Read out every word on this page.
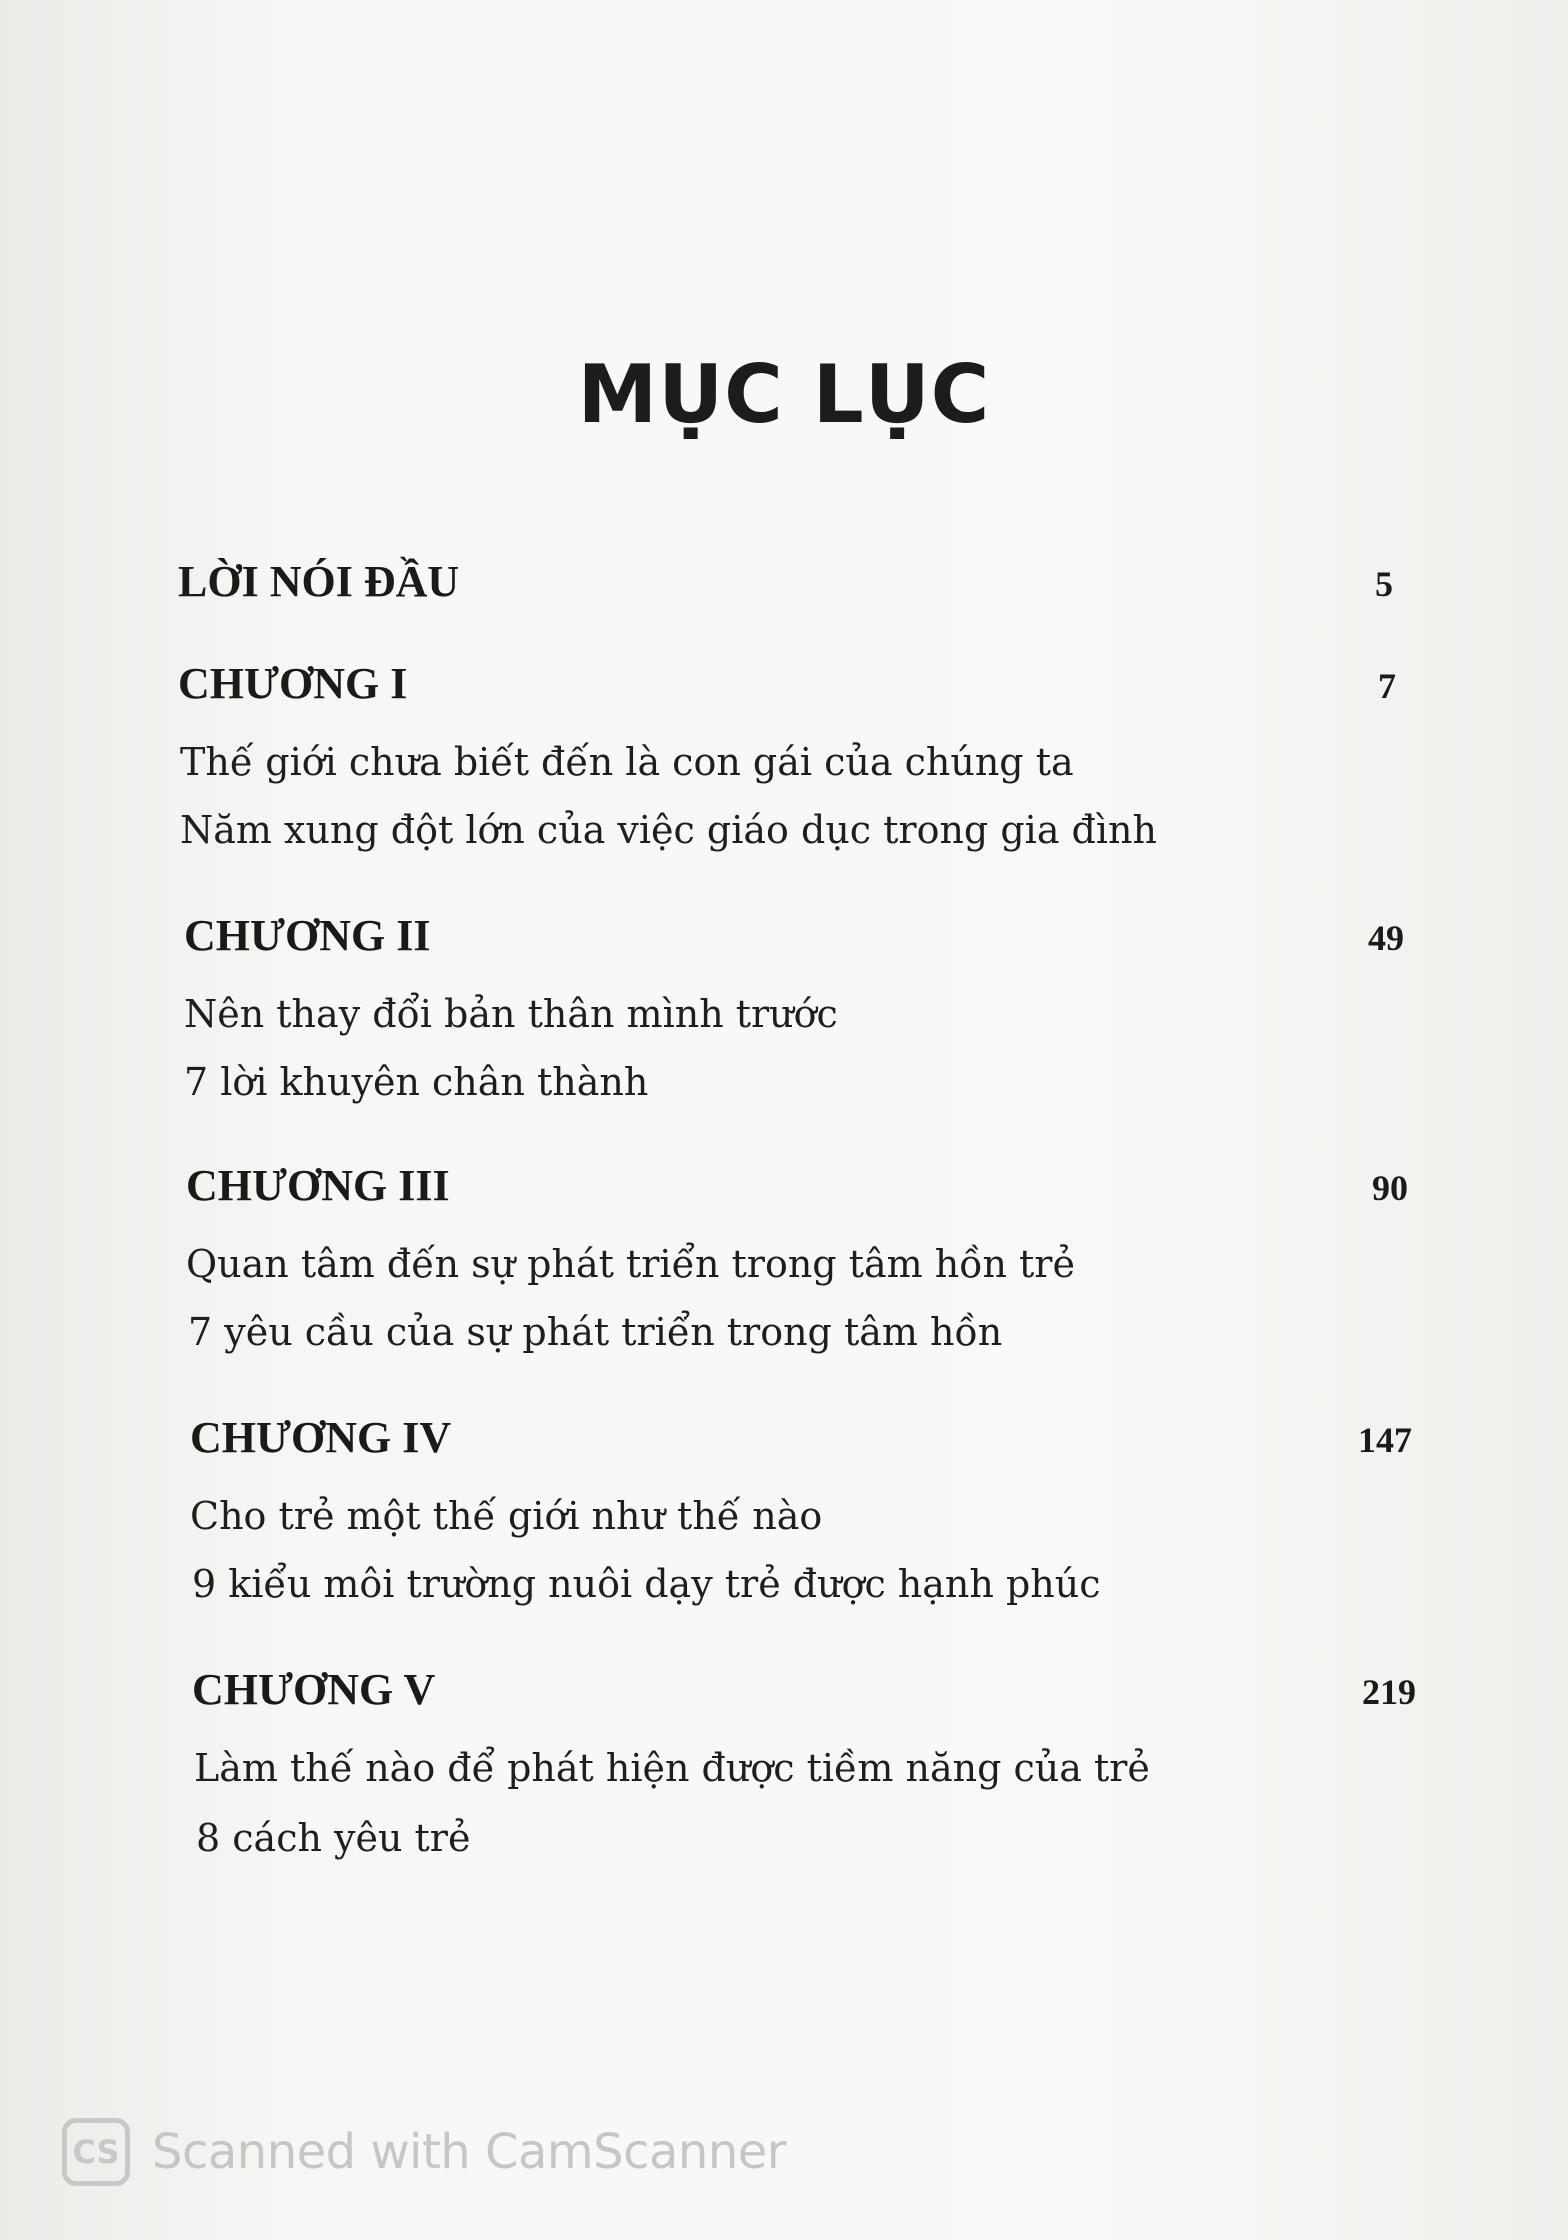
MỤC LỤC
LỜI NÓI ĐẦU	5
CHƯƠNG I	7
Thế giới chưa biết đến là con gái của chúng ta
Năm xung đột lớn của việc giáo dục trong gia đình
CHƯƠNG II	49
Nên thay đổi bản thân mình trước
7 lời khuyên chân thành
CHƯƠNG III	90
Quan tâm đến sự phát triển trong tâm hồn trẻ
7 yêu cầu của sự phát triển trong tâm hồn
CHƯƠNG IV	147
Cho trẻ một thế giới như thế nào
9 kiểu môi trường nuôi dạy trẻ được hạnh phúc
CHƯƠNG V	219
Làm thế nào để phát hiện được tiềm năng của trẻ
8 cách yêu trẻ
CS Scanned with CamScanner
